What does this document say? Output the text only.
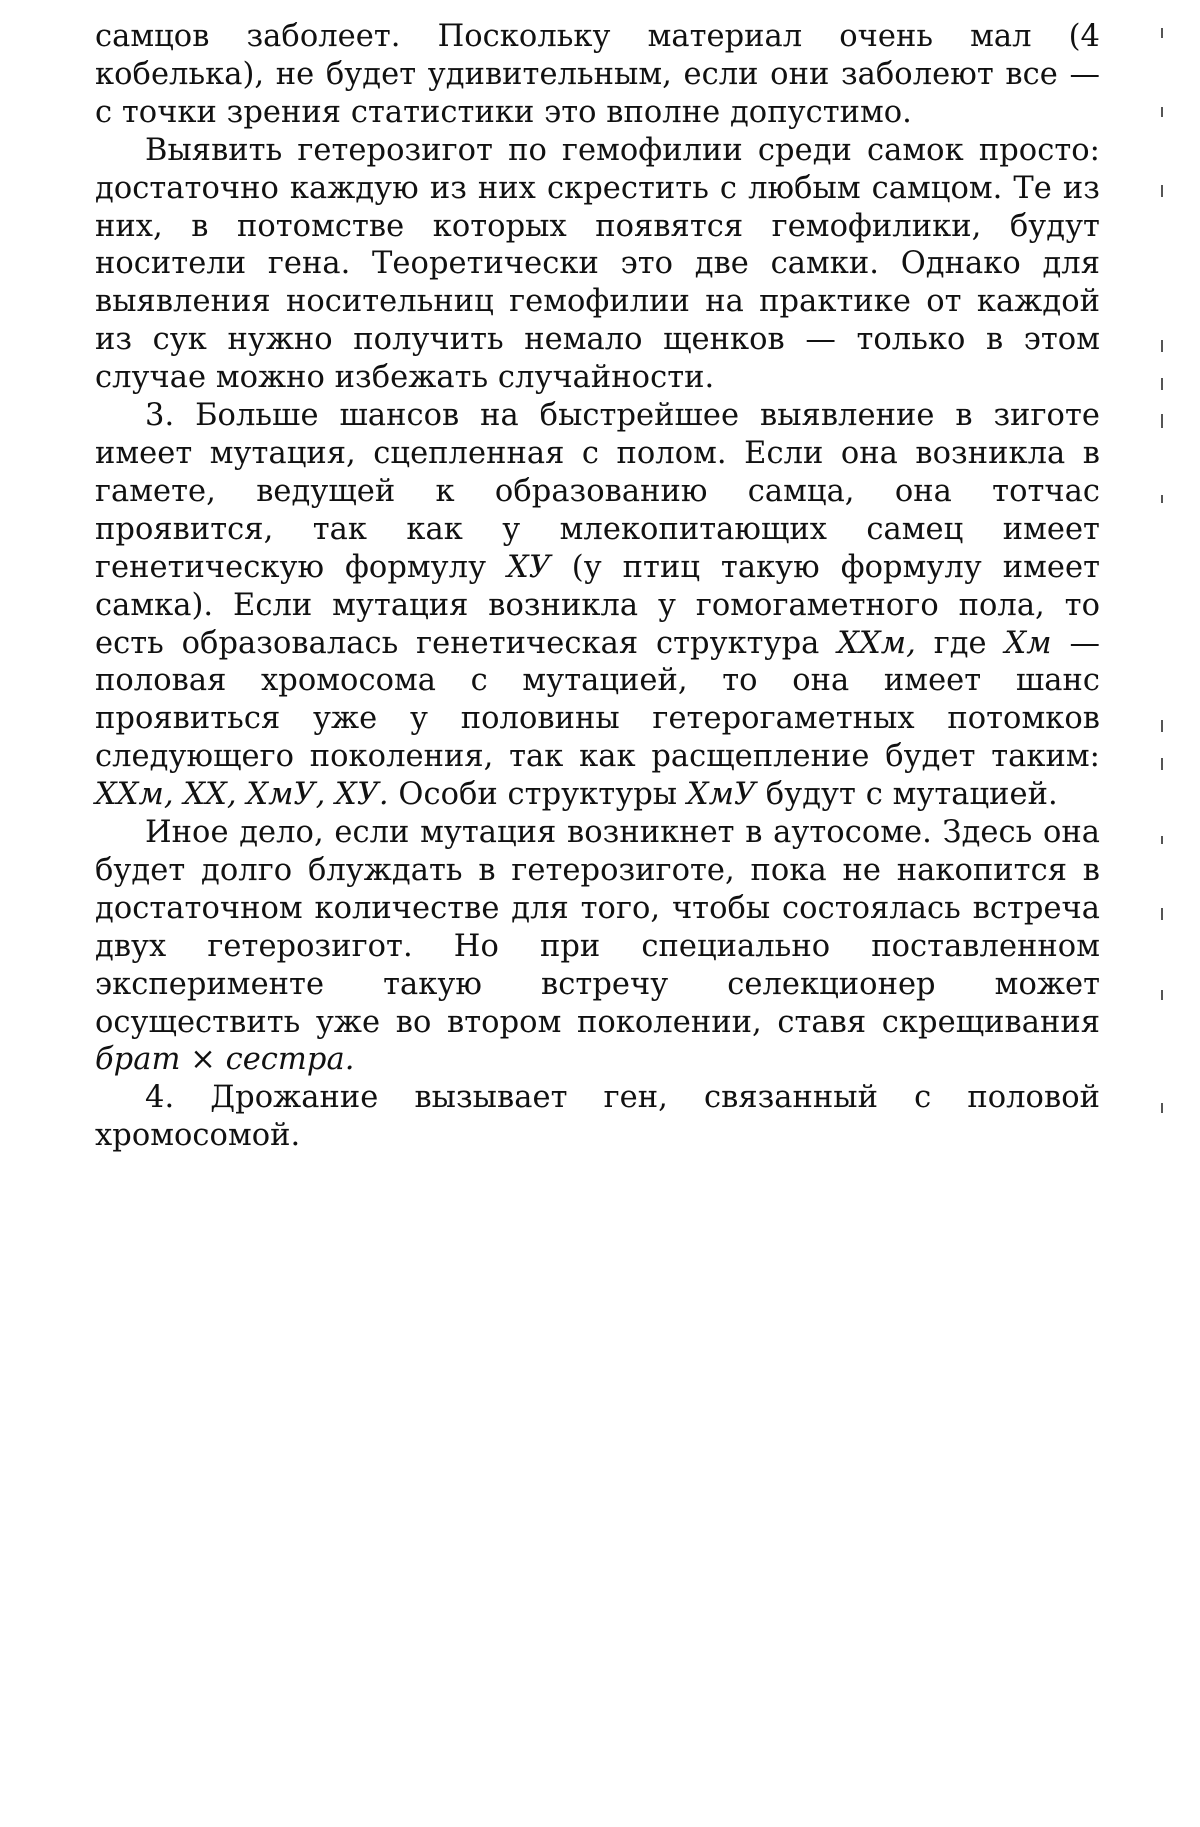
самцов заболеет. Поскольку материал очень мал (4 кобелька), не будет удивительным, если они заболеют все — с точки зрения статистики это вполне допустимо.

Выявить гетерозигот по гемофилии среди самок просто: достаточно каждую из них скрестить с любым самцом. Те из них, в потомстве которых появятся гемофилики, будут носители гена. Теоретически это две самки. Однако для выявления носительниц гемофилии на практике от каждой из сук нужно получить немало щенков — только в этом случае можно избежать случайности.

3. Больше шансов на быстрейшее выявление в зиготе имеет мутация, сцепленная с полом. Если она возникла в гамете, ведущей к образованию самца, она тотчас проявится, так как у млекопитающих самец имеет генетическую формулу ХУ (у птиц такую формулу имеет самка). Если мутация возникла у гомогаметного пола, то есть образовалась генетическая структура ХХм, где Хм — половая хромосома с мутацией, то она имеет шанс проявиться уже у половины гетерогаметных потомков следующего поколения, так как расщепление будет таким: ХХм, ХХ, ХмУ, ХУ. Особи структуры ХмУ будут с мутацией.

Иное дело, если мутация возникнет в аутосоме. Здесь она будет долго блуждать в гетерозиготе, пока не накопится в достаточном количестве для того, чтобы состоялась встреча двух гетерозигот. Но при специально поставленном эксперименте такую встречу селекционер может осуществить уже во втором поколении, ставя скрещивания брат × сестра.

4. Дрожание вызывает ген, связанный с половой хромосомой.
